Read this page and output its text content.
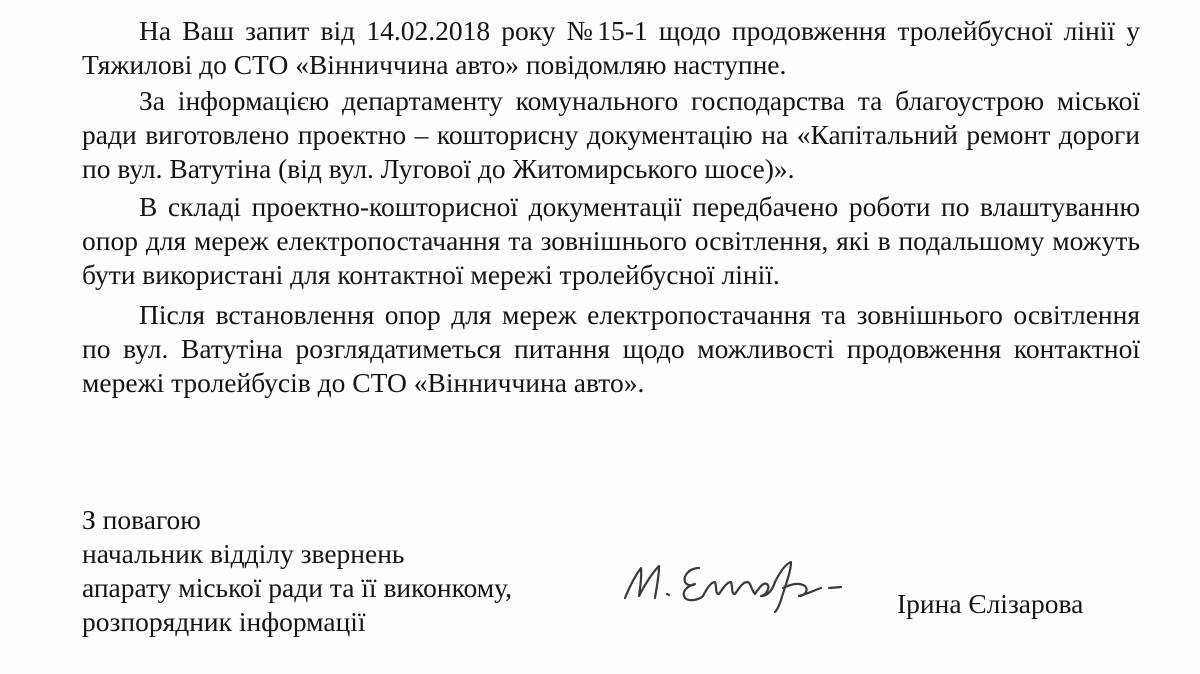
На Ваш запит від 14.02.2018 року №15-1 щодо продовження тролейбусної лінії у Тяжилові до СТО «Вінниччина авто» повідомляю наступне.

За інформацією департаменту комунального господарства та благоустрою міської ради виготовлено проектно – кошторисну документацію на «Капітальний ремонт дороги по вул. Ватутіна (від вул. Лугової до Житомирського шосе)».

В складі проектно-кошторисної документації передбачено роботи по влаштуванню опор для мереж електропостачання та зовнішнього освітлення, які в подальшому можуть бути використані для контактної мережі тролейбусної лінії.

Після встановлення опор для мереж електропостачання та зовнішнього освітлення по вул. Ватутіна розглядатиметься питання щодо можливості продовження контактної мережі тролейбусів до СТО «Вінниччина авто».

З повагою
начальник відділу звернень
апарату міської ради та її виконкому,
розпорядник інформації
Ірина Єлізарова
